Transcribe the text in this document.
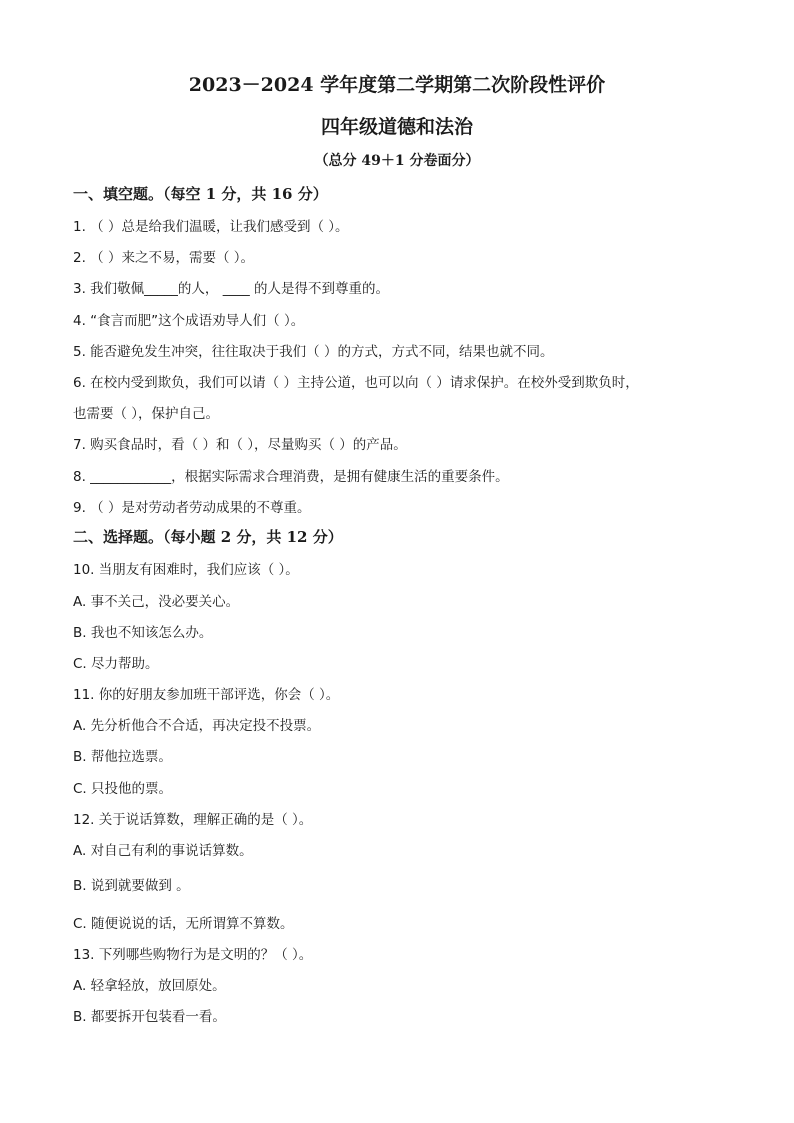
2023－2024 学年度第二学期第二次阶段性评价
四年级道德和法治
（总分 49＋1 分卷面分）
一、填空题。（每空 1 分，共 16 分）
1. （ ）总是给我们温暖，让我们感受到（ ）。
2. （ ）来之不易，需要（ ）。
3. 我们敬佩_____的人， ____ 的人是得不到尊重的。
4. “食言而肥”这个成语劝导人们（ ）。
5. 能否避免发生冲突，往往取决于我们（ ）的方式，方式不同，结果也就不同。
6. 在校内受到欺负，我们可以请（ ）主持公道，也可以向（ ）请求保护。在校外受到欺负时，
也需要（ ），保护自己。
7. 购买食品时，看（ ）和（ ），尽量购买（ ）的产品。
8. ____________，根据实际需求合理消费，是拥有健康生活的重要条件。
9. （ ）是对劳动者劳动成果的不尊重。
二、选择题。（每小题 2 分，共 12 分）
10. 当朋友有困难时，我们应该（ ）。
A. 事不关己，没必要关心。
B. 我也不知该怎么办。
C. 尽力帮助。
11. 你的好朋友参加班干部评选，你会（ ）。
A. 先分析他合不合适，再决定投不投票。
B. 帮他拉选票。
C. 只投他的票。
12. 关于说话算数，理解正确的是（ ）。
A. 对自己有利的事说话算数。
B. 说到就要做到 。
C. 随便说说的话，无所谓算不算数。
13. 下列哪些购物行为是文明的？（ ）。
A. 轻拿轻放，放回原处。
B. 都要拆开包装看一看。
